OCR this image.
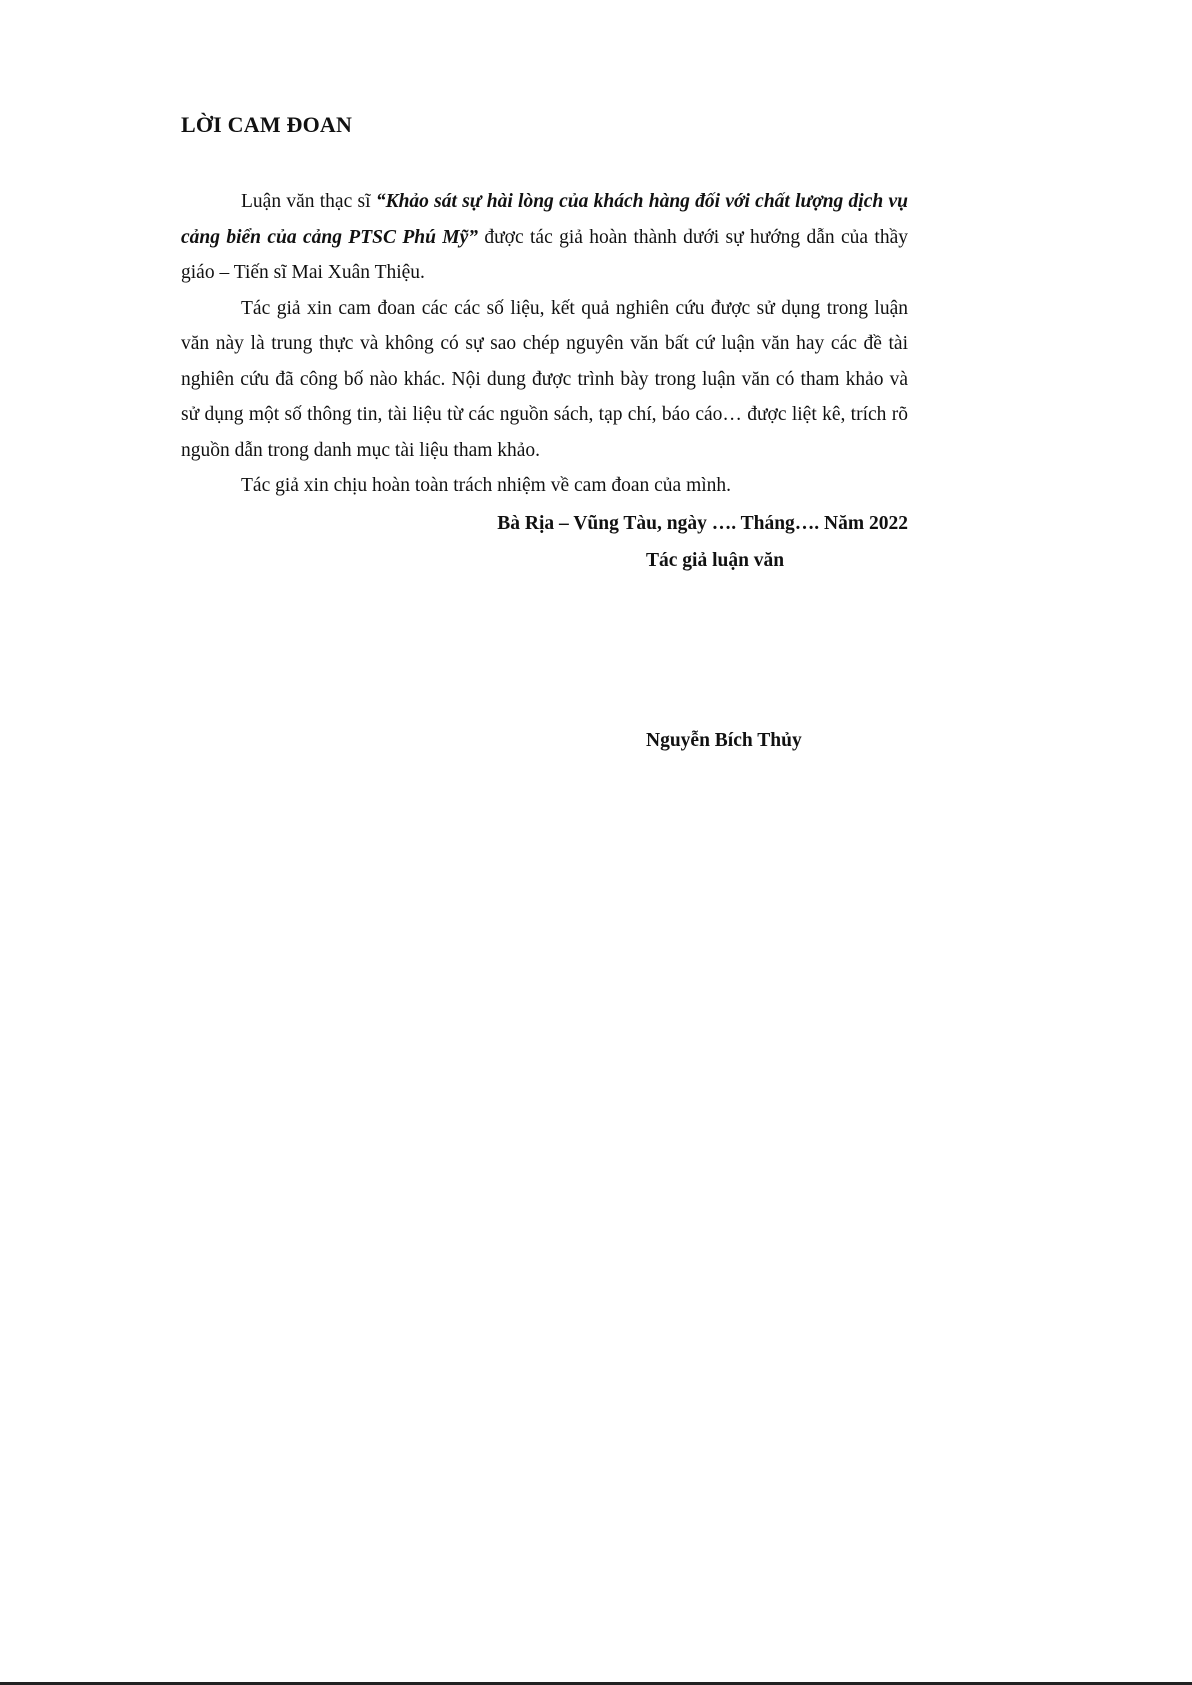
LỜI CAM ĐOAN

Luận văn thạc sĩ “Khảo sát sự hài lòng của khách hàng đối với chất lượng dịch vụ cảng biển của cảng PTSC Phú Mỹ” được tác giả hoàn thành dưới sự hướng dẫn của thầy giáo – Tiến sĩ Mai Xuân Thiệu.

Tác giả xin cam đoan các các số liệu, kết quả nghiên cứu được sử dụng trong luận văn này là trung thực và không có sự sao chép nguyên văn bất cứ luận văn hay các đề tài nghiên cứu đã công bố nào khác. Nội dung được trình bày trong luận văn có tham khảo và sử dụng một số thông tin, tài liệu từ các nguồn sách, tạp chí, báo cáo… được liệt kê, trích rõ nguồn dẫn trong danh mục tài liệu tham khảo.

Tác giả xin chịu hoàn toàn trách nhiệm về cam đoan của mình.

Bà Rịa – Vũng Tàu, ngày …. Tháng…. Năm 2022
Tác giả luận văn
Nguyễn Bích Thủy
